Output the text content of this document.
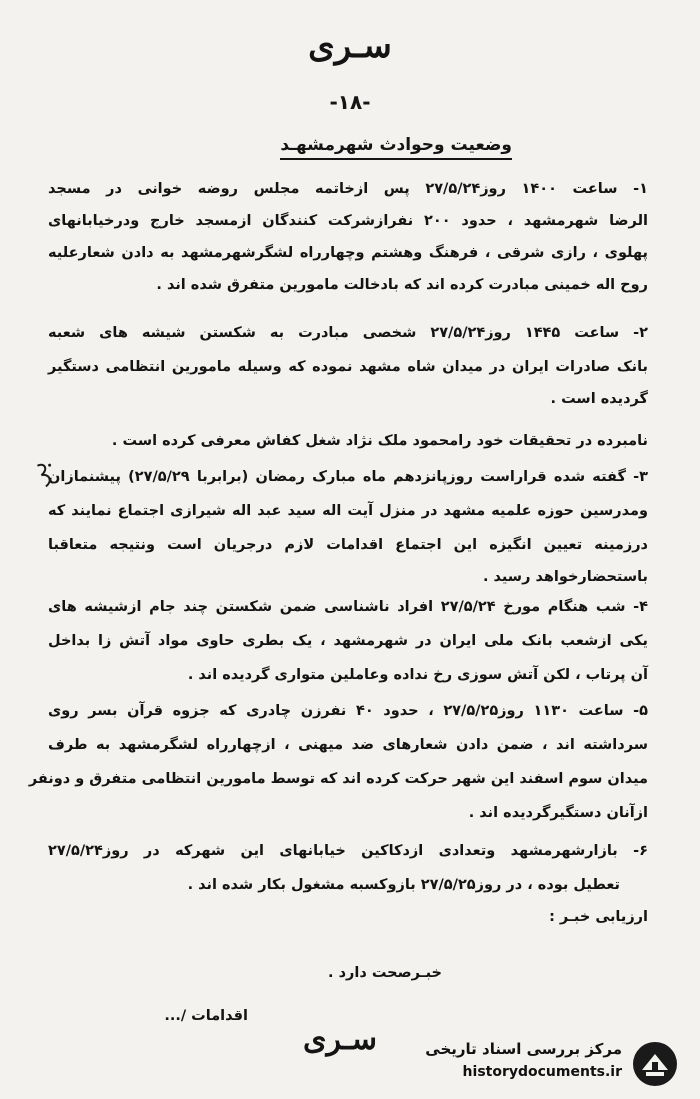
سـری
-۱۸-
وضعیت وحوادث شهرمشهـد
۱- ساعت ۱۴۰۰ روز۲۷/۵/۲۴ پس ازخاتمه مجلس روضه خوانی در مسجد
الرضا شهرمشهد ، حدود ۲۰۰ نفرازشرکت کنندگان ازمسجد خارج ودرخیابانهای
پهلوی ، رازی شرقی ، فرهنگ وهشتم وچهارراه لشگرشهرمشهد به دادن شعارعلیه
روح اله خمینی مبادرت کرده اند که بادخالت مامورین متفرق شده اند .
۲- ساعت ۱۴۴۵ روز۲۷/۵/۲۴ شخصی مبادرت به شکستن شیشه های شعبه
بانک صادرات ایران در میدان شاه مشهد نموده که وسیله مامورین انتظامی دستگیر
گردیده است .
نامبرده در تحقیقات خود رامحمود ملک نژاد شغل کفاش معرفی کرده است .
۳- گفته شده قراراست روزپانزدهم ماه مبارک رمضان (برابربا ۲۷/۵/۲۹) پیشنمازان
ومدرسین حوزه علمیه مشهد در منزل آیت اله سید عبد اله شیرازی اجتماع نمایند که
درزمینه تعیین انگیزه این اجتماع اقدامات لازم درجریان است ونتیجه متعاقبا
باستحضارخواهد رسید .
۴- شب هنگام مورخ ۲۷/۵/۲۴ افراد ناشناسی ضمن شکستن چند جام ازشیشه های
یکی ازشعب بانک ملی ایران در شهرمشهد ، یک بطری حاوی مواد آتش زا بداخل
آن پرتاب ، لکن آتش سوزی رخ نداده وعاملین متواری گردیده اند .
۵- ساعت ۱۱۳۰ روز۲۷/۵/۲۵ ، حدود ۴۰ نفرزن چادری که جزوه قرآن بسر روی
سرداشته اند ، ضمن دادن شعارهای ضد میهنی ، ازچهارراه لشگرمشهد به طرف
میدان سوم اسفند این شهر حرکت کرده اند که توسط مامورین انتظامی متفرق و دونفر
ازآنان دستگیرگردیده اند .
۶- بازارشهرمشهد وتعدادی ازدکاکین خیابانهای این شهرکه در روز۲۷/۵/۲۴
تعطیل بوده ، در روز۲۷/۵/۲۵ بازوکسبه مشغول بکار شده اند .
ارزیابی خبـر :
خبـرصحت دارد .
اقدامات /...
سـری	مرکز بررسی اسناد تاریخی
historydocuments.ir
